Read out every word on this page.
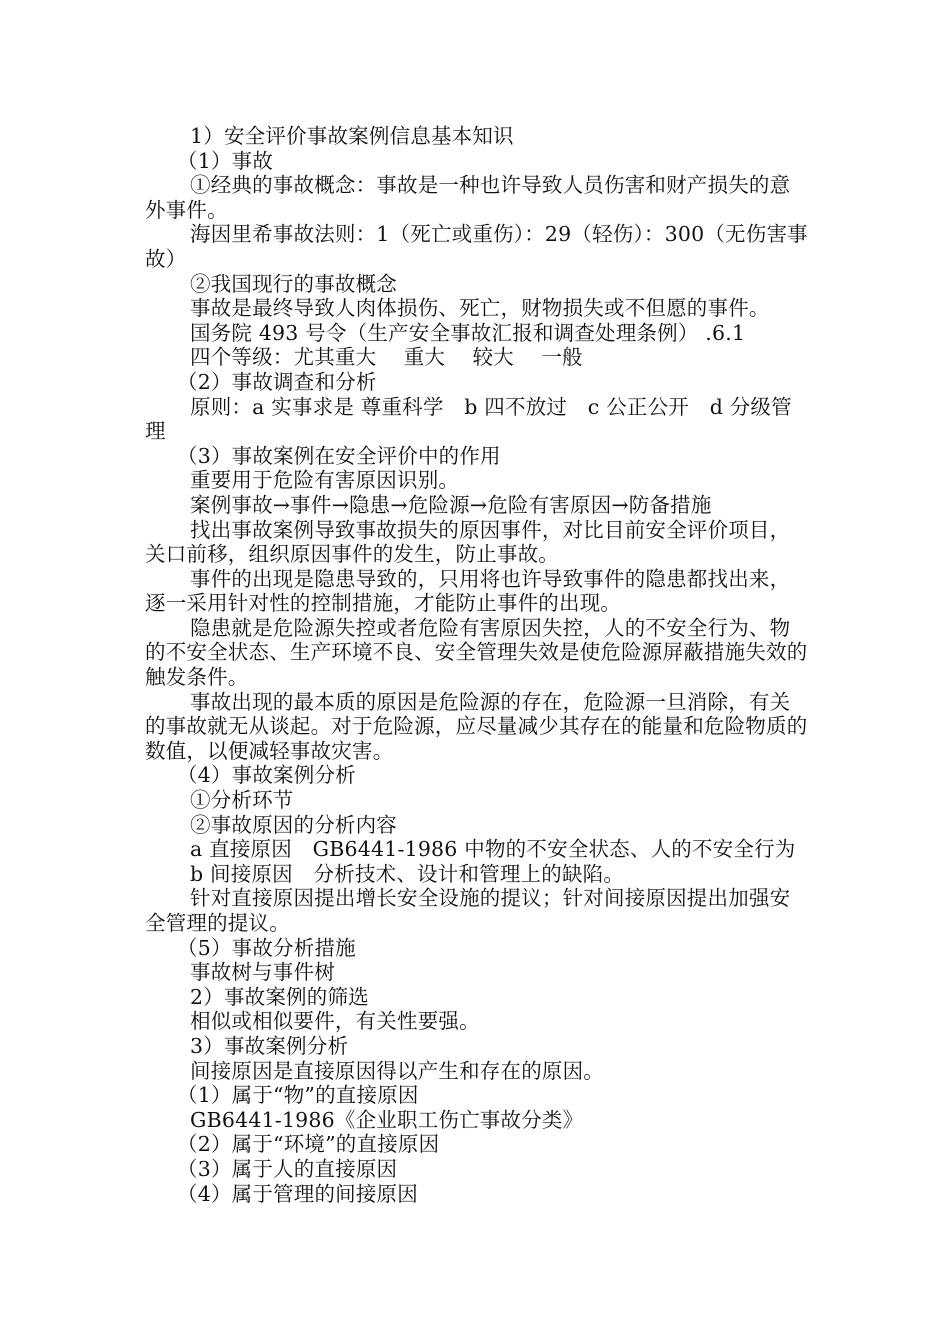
1）安全评价事故案例信息基本知识

（1）事故

①经典的事故概念：事故是一种也许导致人员伤害和财产损失的意外事件。

海因里希事故法则：1（死亡或重伤）：29（轻伤）：300（无伤害事故）

②我国现行的事故概念

事故是最终导致人肉体损伤、死亡，财物损失或不但愿的事件。

国务院 493 号令（生产安全事故汇报和调查处理条例） .6.1

四个等级：尤其重大　 重大　 较大　 一般

（2）事故调查和分析

原则：a 实事求是 尊重科学　b 四不放过　c 公正公开　d 分级管理

（3）事故案例在安全评价中的作用

重要用于危险有害原因识别。

案例事故→事件→隐患→危险源→危险有害原因→防备措施

找出事故案例导致事故损失的原因事件，对比目前安全评价项目，关口前移，组织原因事件的发生，防止事故。

事件的出现是隐患导致的，只用将也许导致事件的隐患都找出来，逐一采用针对性的控制措施，才能防止事件的出现。

隐患就是危险源失控或者危险有害原因失控，人的不安全行为、物的不安全状态、生产环境不良、安全管理失效是使危险源屏蔽措施失效的触发条件。

事故出现的最本质的原因是危险源的存在，危险源一旦消除，有关的事故就无从谈起。对于危险源，应尽量减少其存在的能量和危险物质的数值，以便减轻事故灾害。

（4）事故案例分析

①分析环节

②事故原因的分析内容

a 直接原因　GB6441-1986 中物的不安全状态、人的不安全行为

b 间接原因　分析技术、设计和管理上的缺陷。

针对直接原因提出增长安全设施的提议；针对间接原因提出加强安全管理的提议。

（5）事故分析措施

事故树与事件树

2）事故案例的筛选

相似或相似要件，有关性要强。

3）事故案例分析

间接原因是直接原因得以产生和存在的原因。

（1）属于“物”的直接原因

GB6441-1986《企业职工伤亡事故分类》

（2）属于“环境”的直接原因

（3）属于人的直接原因

（4）属于管理的间接原因
